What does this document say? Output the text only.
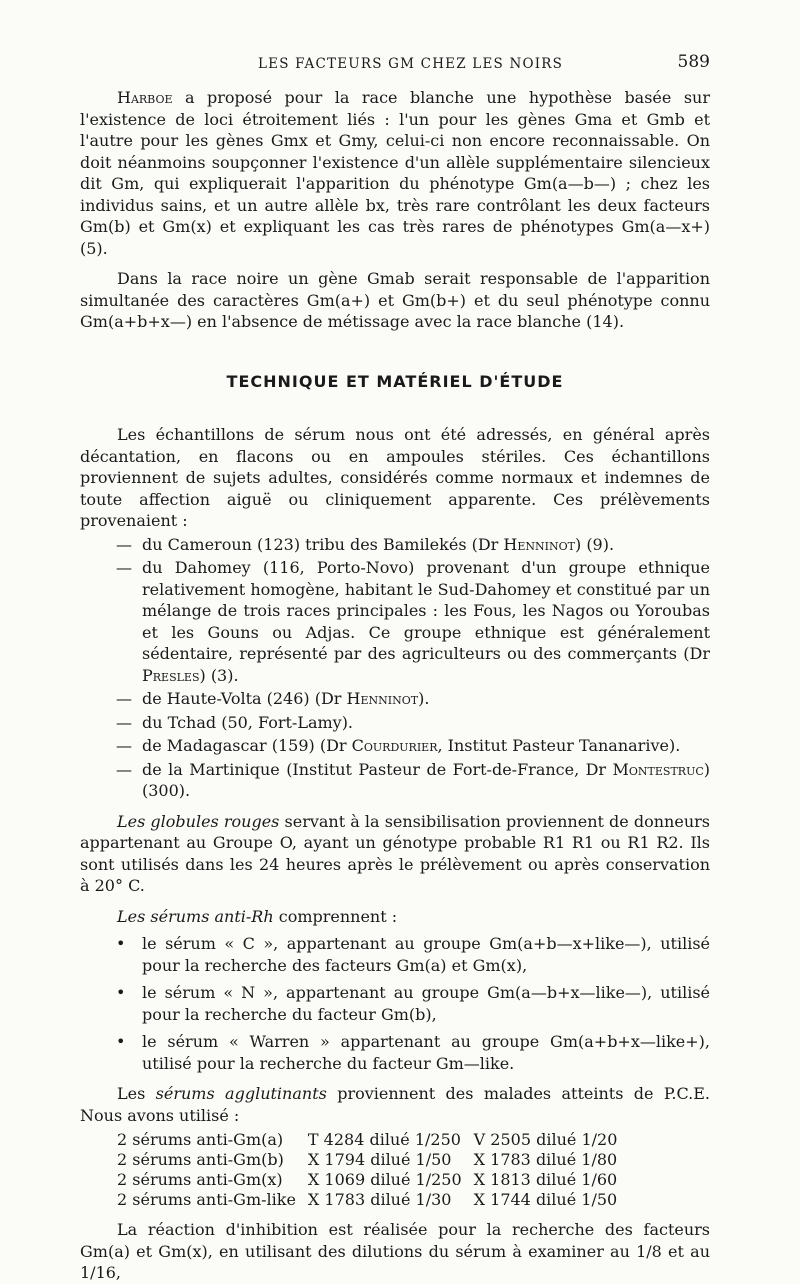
LES FACTEURS GM CHEZ LES NOIRS	589

Harboe a proposé pour la race blanche une hypothèse basée sur l'existence de loci étroitement liés : l'un pour les gènes Gma et Gmb et l'autre pour les gènes Gmx et Gmy, celui-ci non encore reconnaissable. On doit néanmoins soupçonner l'existence d'un allèle supplémentaire silencieux dit Gm, qui expliquerait l'apparition du phénotype Gm(a—b—) ; chez les individus sains, et un autre allèle bx, très rare contrôlant les deux facteurs Gm(b) et Gm(x) et expliquant les cas très rares de phénotypes Gm(a—x+) (5).

Dans la race noire un gène Gmab serait responsable de l'apparition simultanée des caractères Gm(a+) et Gm(b+) et du seul phénotype connu Gm(a+b+x—) en l'absence de métissage avec la race blanche (14).

TECHNIQUE ET MATÉRIEL D'ÉTUDE

Les échantillons de sérum nous ont été adressés, en général après décantation, en flacons ou en ampoules stériles. Ces échantillons proviennent de sujets adultes, considérés comme normaux et indemnes de toute affection aiguë ou cliniquement apparente. Ces prélèvements provenaient :

— du Cameroun (123) tribu des Bamilekés (Dr Henninot) (9).

— du Dahomey (116, Porto-Novo) provenant d'un groupe ethnique relativement homogène, habitant le Sud-Dahomey et constitué par un mélange de trois races principales : les Fous, les Nagos ou Yoroubas et les Gouns ou Adjas. Ce groupe ethnique est généralement sédentaire, représenté par des agriculteurs ou des commerçants (Dr Presles) (3).

— de Haute-Volta (246) (Dr Henninot).

— du Tchad (50, Fort-Lamy).

— de Madagascar (159) (Dr Courdurier, Institut Pasteur Tananarive).

— de la Martinique (Institut Pasteur de Fort-de-France, Dr Montestruc) (300).

Les globules rouges servant à la sensibilisation proviennent de donneurs appartenant au Groupe O, ayant un génotype probable R1 R1 ou R1 R2. Ils sont utilisés dans les 24 heures après le prélèvement ou après conservation à 20° C.

Les sérums anti-Rh comprennent :

• le sérum « C », appartenant au groupe Gm(a+b—x+like—), utilisé pour la recherche des facteurs Gm(a) et Gm(x),

• le sérum « N », appartenant au groupe Gm(a—b+x—like—), utilisé pour la recherche du facteur Gm(b),

• le sérum « Warren » appartenant au groupe Gm(a+b+x—like+), utilisé pour la recherche du facteur Gm—like.

Les sérums agglutinants proviennent des malades atteints de P.C.E. Nous avons utilisé :

2 sérums anti-Gm(a)	T 4284 dilué 1/250	V 2505 dilué 1/20
2 sérums anti-Gm(b)	X 1794 dilué 1/50	X 1783 dilué 1/80
2 sérums anti-Gm(x)	X 1069 dilué 1/250	X 1813 dilué 1/60
2 sérums anti-Gm-like	X 1783 dilué 1/30	X 1744 dilué 1/50

La réaction d'inhibition est réalisée pour la recherche des facteurs Gm(a) et Gm(x), en utilisant des dilutions du sérum à examiner au 1/8 et au 1/16,
